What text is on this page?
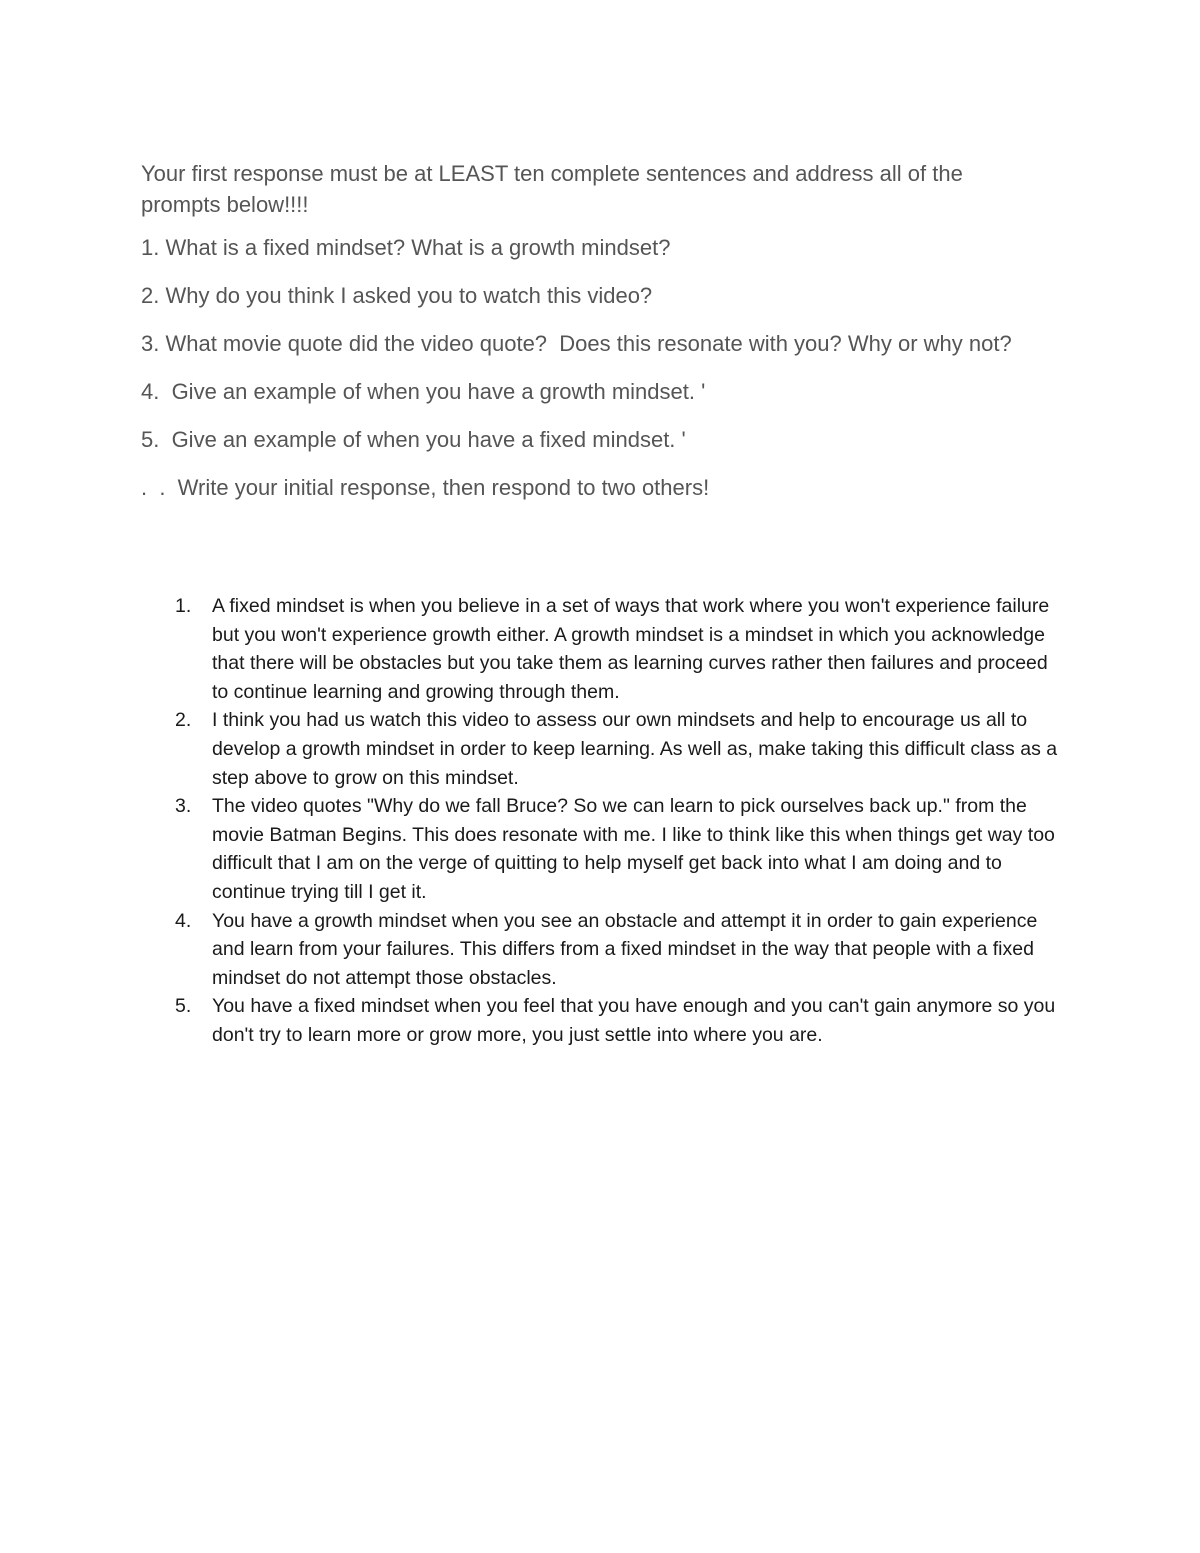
Your first response must be at LEAST ten complete sentences and address all of the prompts below!!!!

1. What is a fixed mindset? What is a growth mindset?

2. Why do you think I asked you to watch this video?

3. What movie quote did the video quote?  Does this resonate with you? Why or why not?

4.  Give an example of when you have a growth mindset. '

5.  Give an example of when you have a fixed mindset. '

.  .  Write your initial response, then respond to two others!

1. A fixed mindset is when you believe in a set of ways that work where you won't experience failure but you won't experience growth either. A growth mindset is a mindset in which you acknowledge that there will be obstacles but you take them as learning curves rather then failures and proceed to continue learning and growing through them.
2. I think you had us watch this video to assess our own mindsets and help to encourage us all to develop a growth mindset in order to keep learning. As well as, make taking this difficult class as a step above to grow on this mindset.
3. The video quotes "Why do we fall Bruce? So we can learn to pick ourselves back up." from the movie Batman Begins. This does resonate with me. I like to think like this when things get way too difficult that I am on the verge of quitting to help myself get back into what I am doing and to continue trying till I get it.
4. You have a growth mindset when you see an obstacle and attempt it in order to gain experience and learn from your failures. This differs from a fixed mindset in the way that people with a fixed mindset do not attempt those obstacles.
5. You have a fixed mindset when you feel that you have enough and you can't gain anymore so you don't try to learn more or grow more, you just settle into where you are.
